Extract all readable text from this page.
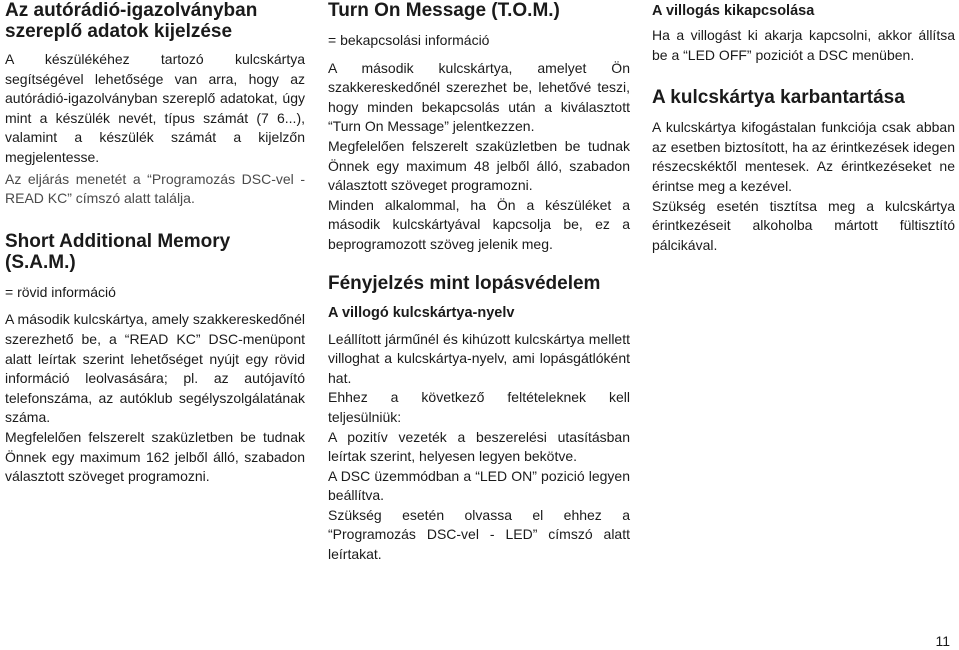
Az autórádió-igazolványban szereplő adatok kijelzése

A készülékéhez tartozó kulcskártya segítségével lehetősége van arra, hogy az autórádió-igazolványban szereplő adatokat, úgy mint a készülék nevét, típus számát (7 6...), valamint a készülék számát a kijelzőn megjelentesse.

Az eljárás menetét a “Programozás DSC-vel - READ KC” címszó alatt találja.

Short Additional Memory (S.A.M.)
= rövid információ

A második kulcskártya, amely szakkereskedőnél szerezhető be, a “READ KC” DSC-menüpont alatt leírtak szerint lehetőséget nyújt egy rövid információ leolvasására; pl. az autójavító telefonszáma, az autóklub segélyszolgálatának száma.

Megfelelően felszerelt szaküzletben be tudnak Önnek egy maximum 162 jelből álló, szabadon választott szöveget programozni.

Turn On Message (T.O.M.)
= bekapcsolási információ

A második kulcskártya, amelyet Ön szakkereskedőnél szerezhet be, lehetővé teszi, hogy minden bekapcsolás után a kiválasztott “Turn On Message” jelentkezzen.

Megfelelően felszerelt szaküzletben be tudnak Önnek egy maximum 48 jelből álló, szabadon választott szöveget programozni.

Minden alkalommal, ha Ön a készüléket a második kulcskártyával kapcsolja be, ez a beprogramozott szöveg jelenik meg.

Fényjelzés mint lopásvédelem
A villogó kulcskártya-nyelv

Leállított járműnél és kihúzott kulcskártya mellett villoghat a kulcskártya-nyelv, ami lopásgátlóként hat.

Ehhez a következő feltételeknek kell teljesülniük:

A pozitív vezeték a beszerelési utasításban leírtak szerint, helyesen legyen bekötve.

A DSC üzemmódban a “LED ON” pozició legyen beállítva.

Szükség esetén olvassa el ehhez a “Programozás DSC-vel - LED” címszó alatt leírtakat.

A villogás kikapcsolása

Ha a villogást ki akarja kapcsolni, akkor állítsa be a “LED OFF” poziciót a DSC menüben.

A kulcskártya karbantartása

A kulcskártya kifogástalan funkciója csak abban az esetben biztosított, ha az érintkezések idegen részecskéktől mentesek. Az érintkezéseket ne érintse meg a kezével.

Szükség esetén tisztítsa meg a kulcskártya érintkezéseit alkoholba mártott fültisztító pálcikával.

11
